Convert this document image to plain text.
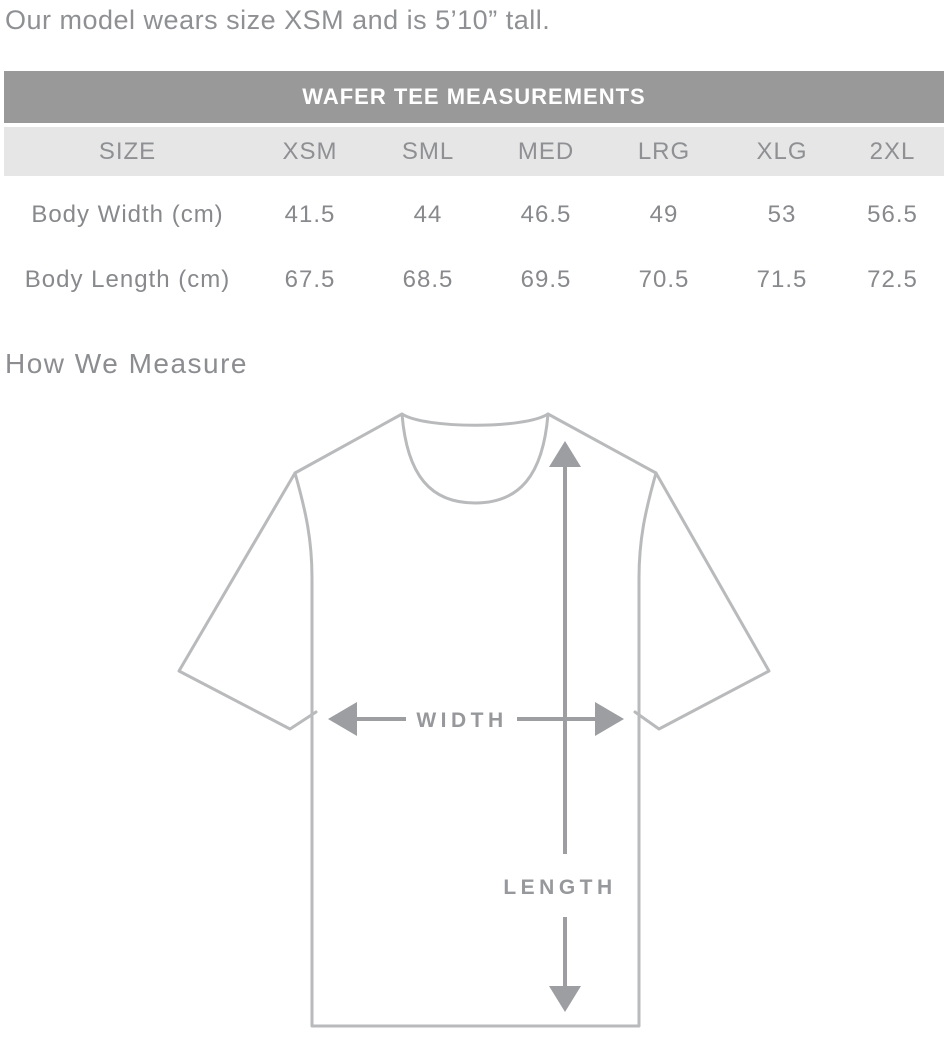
Our model wears size XSM and is 5’10” tall.

WAFER TEE MEASUREMENTS
SIZE	XSM	SML	MED	LRG	XLG	2XL
Body Width (cm)	41.5	44	46.5	49	53	56.5
Body Length (cm)	67.5	68.5	69.5	70.5	71.5	72.5
How We Measure
WIDTH
LENGTH
